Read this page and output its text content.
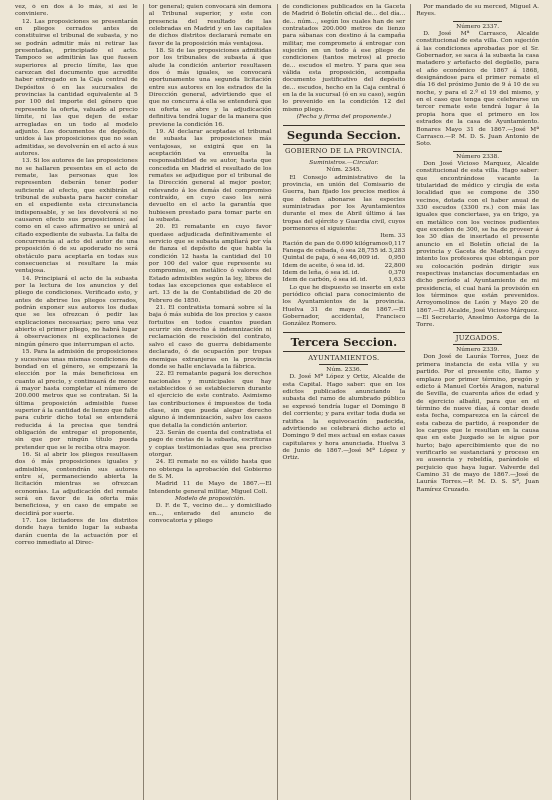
vez, ó en dos á lo más, si así le conviniere.

12. Las proposiciones se presentarán en pliegos cerrados antes de constituirse el tribunal de subasta, y no se podrán admitir más ni retirar las presentadas, principiado el acto. Tampoco se admitirán las que fuesen superiores al precio límite, las que carezcan del documento que acredite haber entregado en la Caja central de Depósitos ó en las sucursales de provincias la cantidad equivalente al 5 por 100 del importe del género que represente la oferta, valuado al precio límite, ni las que dejen de estar arregladas en un todo al modelo adjunto. Los documentos de depósito, unidos á las proposiciones que no sean admitidas, se devolverán en el acto á sus autores.

13. Si los autores de las proposiciones no se hallaren presentes en el acto de remate, las personas que los representen deberán tener poder suficiente al efecto, que exhibirán al tribunal de subasta para hacer constar en el expediente esta circunstancia indispensable, y se les devolverá si no causaren efecto sus proposiciones; así como en el caso afirmativo se unirá al citado expediente de subasta. La falta de concurrencia al acto del autor de una proposición ó de su apoderado no será obstáculo para aceptarla en todas sus consecuencias si resultare la más ventajosa.

14. Principiará el acto de la subasta por la lectura de los anuncios y del pliego de condiciones. Verificado esto, y antes de abrirse los pliegos cerrados, podrán exponer sus autores los dudas que se les ofrezcan ó pedir las explicaciones necesarias; pero una vez abierto el primer pliego, no habrá lugar á observaciones ni explicaciones de ningún género que interrumpan el acto.

15. Para la admisión de proposiciones y sucesivas unas mismas condiciones de bondad en el género, se empezará la elección por la más beneficiosa en cuanto al precio, y continuará de menor á mayor hasta completar el número de 200.000 metros que se contratan. Si la última proposición admisible fuese superior á la cantidad de lienzo que falte para cubrir dicho total se entenderá reducida á la precisa que tendrá obligación de entregar el proponente, sin que por ningún título pueda pretender que se le reciba otra mayor.

16. Si al abrir los pliegos resultasen dos ó más proposiciones iguales y admisibles, contendrán sus autores entre sí, permaneciendo abierta la licitación mientras se ofrezcan economías. La adjudicación del remate será en favor de la oferta más beneficiosa, y en caso de empate se decidirá por suerte.

17. Los licitadores de los distritos donde haya tenido lugar la subasta darán cuenta de la actuación por el correo inmediato al Direc-

tor general; quien convocará sin demora al Tribunal superior, y este con presencia del resultado de las celebradas en Madrid y en las capitales de dichos distritos declarará remate en favor de la proposición más ventajosa.

18. Si de las proposiciones admitidas por los tribunales de subasta á que alude la condición anterior resultasen dos ó más iguales, se convocará oportunamente una segunda licitación entre sus autores en los estrados de la Dirección general, advirtiendo que el que no concurra á ella se entenderá que su oferta se abre y la adjudicación definitiva tendrá lugar de la manera que previene la condición 16.

19. Al declarar aceptadas el tribunal de subasta las proposiciones más ventajosas, se exigirá que en la aceptación va envuelta la responsabilidad de su autor, hasta que concedida en Madrid el resultado de los remates se adjudique por el tribunal de la Dirección general al mejor postor, relevando á los demás del compromiso contraído, en cuyo caso les será devuelto en el acto la garantía que hubiesen prestado para tomar parte en la subasta.

20. El rematante en cuyo favor quedase adjudicada definitivamente el servicio que se subasta ampliará por vía de fianza el depósito de que habla la condición 12 hasta la cantidad del 10 por 100 del valor que represente su compromiso, en metálico ó valores del Estado admisibles según la ley, libres de todas las excepciones que establece el art. 13 de la de Contabilidad de 20 de Febrero de 1850.

21. El contratista tomará sobre sí la baja ó más subida de los precios y casos fortuitos en todos cuantos puedan ocurrir sin derecho á indemnización ni reclamación de rescisión del contrato, salvo el caso de guerra debidamente declarado, ó de ocupación por tropas enemigas extranjeras en la provincia donde se halle enclavada la fábrica.

22. El rematante pagará los derechos nacionales y municipales que hay establecidos ó se establecieren durante el ejercicio de este contrato. Asimismo las contribuciones é impuestos de toda clase, sin que pueda alegar derecho alguno á indemnización, salvo los casos que detalla la condición anterior.

23. Serán de cuenta del contratista el pago de costas de la subasta, escrituras y copias testimoniadas que sea preciso otorgar.

24. El remate no es válido hasta que no obtenga la aprobación del Gobierno de S. M.

Madrid 11 de Mayo de 1867.—El Intendente general militar, Miguel Coll.

Modelo de proposición.

D. F. de T., vecino de... y domiciliado en..., enterado del anuncio de convocatoria y pliego

de condiciones publicados en la Gaceta de Madrid ó Boletín oficial de... del día... de... núm..., según los cuales han de ser contratados 200.000 metros de lienzo para sábanas con destino á la campaña militar, me comprometo á entregar con sujeción en un todo á ese pliego de condiciones (tantos metros) al precio de... escudos el metro. Y para que sea válida esta proposición, acompaña documento justificativo del depósito de... escudos, hecho en la Caja central ó en la de la sucursal (ó en su caso), según lo prevenido en la condición 12 del mismo pliego.

(Fecha y firma del proponente.)

Segunda Seccion.
GOBIERNO DE LA PROVINCIA.

Suministros.—Circular.

Núm. 2345.

El Consejo administrativo de la provincia, en unión del Comisario de Guerra, han fijado los precios medios á que deben abonarse las especies suministradas por los Ayuntamientos durante el mes de Abril último á las tropas del ejército y Guardia civil, cuyos pormenores el siguiente:

Item. 33

Ración de pan de 0.690 kilógramos 0,117
Fanega de cebada, ó sea 28,755 id. 3,283
Quintal de paja, ó sea 46,009 id. 0,950
Idem de aceite, ó sea id. id.	22,800
Idem de leña, ó sea id. id.	0,370
Idem de carbón, ó sea id. id.	1,633

Lo que he dispuesto se inserte en este periódico oficial para conocimiento de los Ayuntamientos de la provincia. Huelva 31 de mayo de 1867.—El Gobernador, accidental, Francisco González Romero.

Tercera Seccion.
AYUNTAMIENTOS.

Núm. 2336.

D. José Mª López y Ortiz, Alcalde de esta Capital. Hago saber: que en los edictos publicados anunciando la subasta del ramo de alumbrado público se expresó tendría lugar el Domingo 8 del corriente; y para evitar toda duda se ratifica la equivocación padecida, advirtiendo se celebrará dicho acto el Domingo 9 del mes actual en estas casas capitulares y hora anunciada. Huelva 3 de Junio de 1867.—José Mª López y Ortiz.

Por mandado de su merced, Miguel A. Reyes.

Número 2337.

D. José Mª Carrasco, Alcalde constitucional de esta villa. Con sujeción á las condiciones aprobadas por el Sr. Gobernador, se saca á la subasta la casa matadero y artefacto del degüello, para el año económico de 1867 á 1868, designándose para el primer remate el día 16 del próximo Junio de 9 á 10 de su noche, y para el 2.º el 19 del mismo, y en el caso que tenga que celebrarse un tercer remate este tendrá lugar á la propia hora que el primero en los estrados de la casa de Ayuntamiento. Bonares Mayo 31 de 1867.—José Mª Carrasco.—P. M. D. S. Juan Antonio de Soto.

Número 2338.

Don José Vicioso Marquez, Alcalde constitucional de esta villa. Hago saber: que encontrándose vacante la titularidad de médico y cirujía de esta localidad que se compone de 350 vecinos, dotada con el haber anual de 330 escudos (3300 rs.) con más las iguales que conciertase, ya en trigo, ya en metálico con los vecinos pudientes que exceden de 300, se ha de proveer á los 30 días de insertado el presente anuncio en el Boletín oficial de la provincia y Gaceta de Madrid, á cuyo intento los profesores que obtengan por su colocación podrán dirigir sus respectivas instancias documentadas en dicho período al Ayuntamiento de mi presidencia, el cual hará la provisión en los términos que están prevenidos. Arroyomolinos de León y Mayo 20 de 1867.—El Alcalde, José Vicioso Márquez.—El Secretario, Anselmo Astorga de la Torre.

JUZGADOS.

Número 2339.

Don José de Laurás Torres, Juez de primera instancia de esta villa y su partido. Por el presente cito, llamo y emplazo por primer término, pregón y edicto á Manuel Cortés Aragon, natural de Sevilla, de cuarenta años de edad y de ejercicio albañil, para que en el término de nueve días, á contar desde esta fecha, comparezca en la cárcel de esta cabeza de partido, á responder de los cargos que le resultan en la causa que en este Juzgado se le sigue por hurto; bajo apercibimiento que de no verificarlo se sustanciará y proceso en su ausencia y rebeldía, parándole el perjuicio que haya lugar. Valverde del Camino 31 de mayo de 1867.—José de Laurás Torres.—P. M. D. S. Sª, Juan Ramírez Cruzado.
